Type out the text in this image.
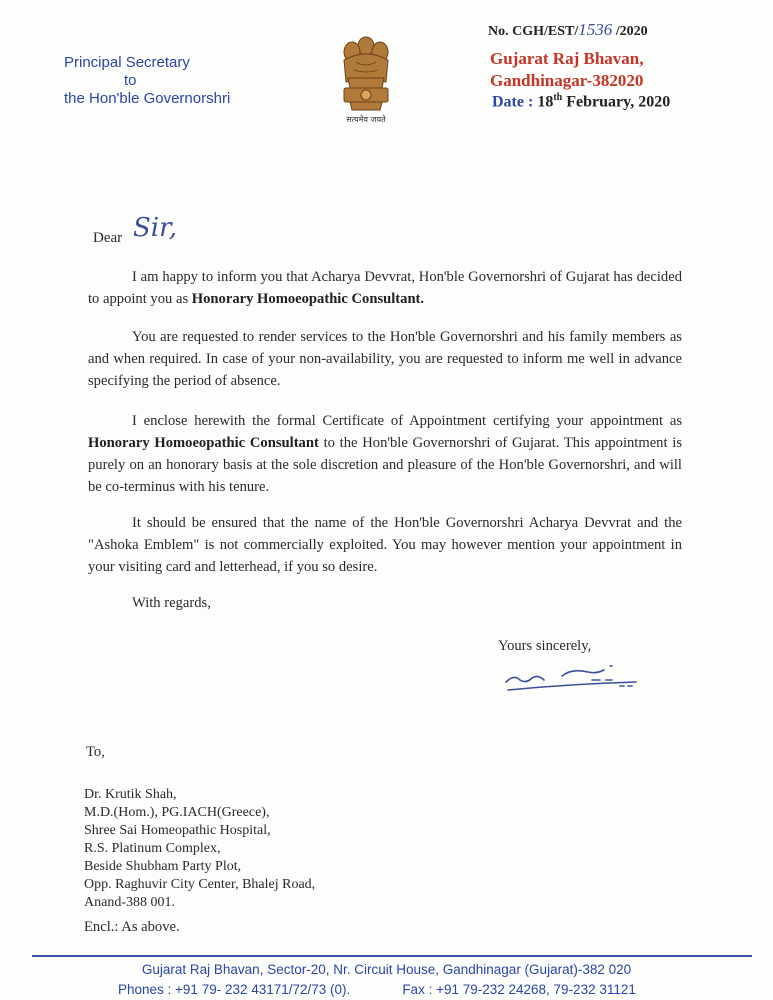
Principal Secretary
to
the Hon'ble Governorshri
सत्यमेव जयते
No. CGH/EST/1536 /2020
Gujarat Raj Bhavan,
Gandhinagar-382020
Date : 18th February, 2020
Dear Sir,
I am happy to inform you that Acharya Devvrat, Hon'ble Governorshri of Gujarat has decided to appoint you as Honorary Homoeopathic Consultant.
You are requested to render services to the Hon'ble Governorshri and his family members as and when required. In case of your non-availability, you are requested to inform me well in advance specifying the period of absence.
I enclose herewith the formal Certificate of Appointment certifying your appointment as Honorary Homoeopathic Consultant to the Hon'ble Governorshri of Gujarat. This appointment is purely on an honorary basis at the sole discretion and pleasure of the Hon'ble Governorshri, and will be co-terminus with his tenure.
It should be ensured that the name of the Hon'ble Governorshri Acharya Devvrat and the "Ashoka Emblem" is not commercially exploited. You may however mention your appointment in your visiting card and letterhead, if you so desire.
With regards,
Yours sincerely,
To,
Dr. Krutik Shah,
M.D.(Hom.), PG.IACH(Greece),
Shree Sai Homeopathic Hospital,
R.S. Platinum Complex,
Beside Shubham Party Plot,
Opp. Raghuvir City Center, Bhalej Road,
Anand-388 001.
Encl.: As above.
Gujarat Raj Bhavan, Sector-20, Nr. Circuit House, Gandhinagar (Gujarat)-382 020
Phones : +91 79- 232 43171/72/73 (0).	Fax : +91 79-232 24268, 79-232 31121
